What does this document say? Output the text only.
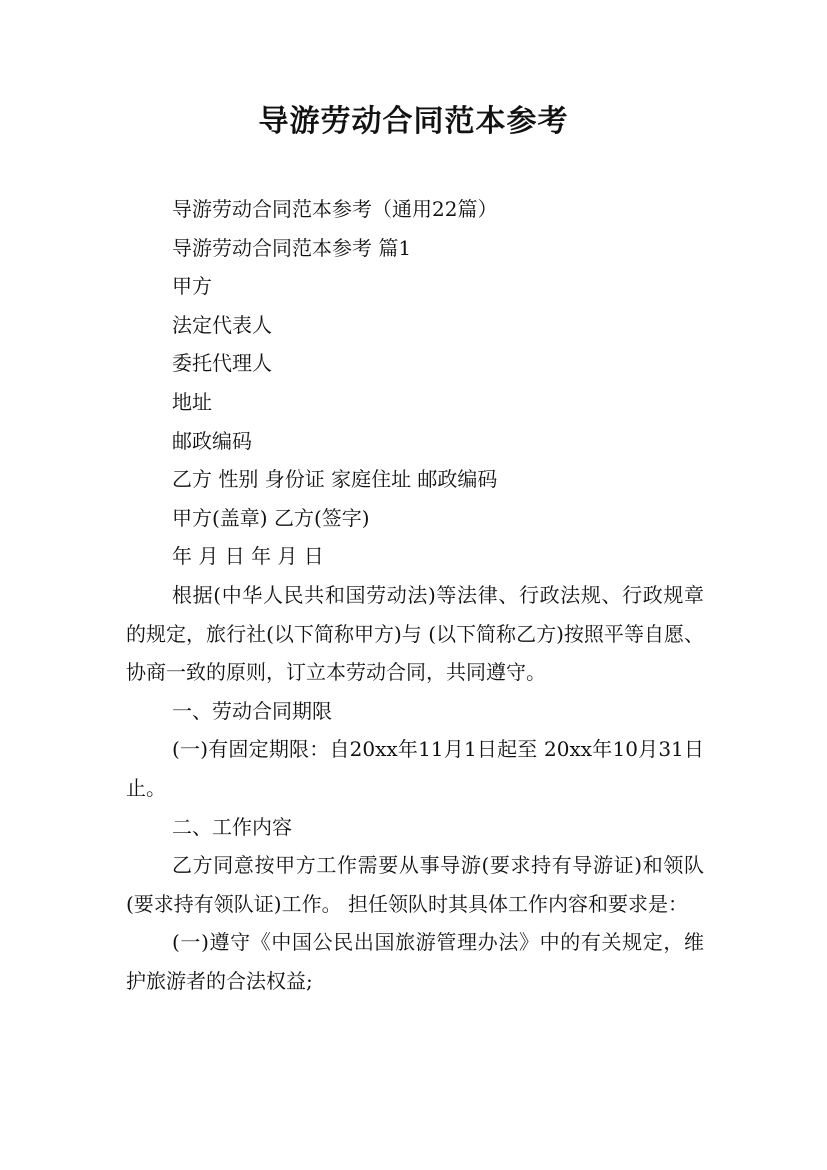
导游劳动合同范本参考

导游劳动合同范本参考（通用22篇）

导游劳动合同范本参考 篇1

甲方

法定代表人

委托代理人

地址

邮政编码

乙方 性别 身份证 家庭住址 邮政编码

甲方(盖章) 乙方(签字)

年 月 日 年 月 日

根据(中华人民共和国劳动法)等法律、行政法规、行政规章的规定，旅行社(以下简称甲方)与 (以下简称乙方)按照平等自愿、协商一致的原则，订立本劳动合同，共同遵守。

一、劳动合同期限

(一)有固定期限：自20xx年11月1日起至 20xx年10月31日止。

二、工作内容

乙方同意按甲方工作需要从事导游(要求持有导游证)和领队(要求持有领队证)工作。 担任领队时其具体工作内容和要求是：

(一)遵守《中国公民出国旅游管理办法》中的有关规定，维护旅游者的合法权益;
